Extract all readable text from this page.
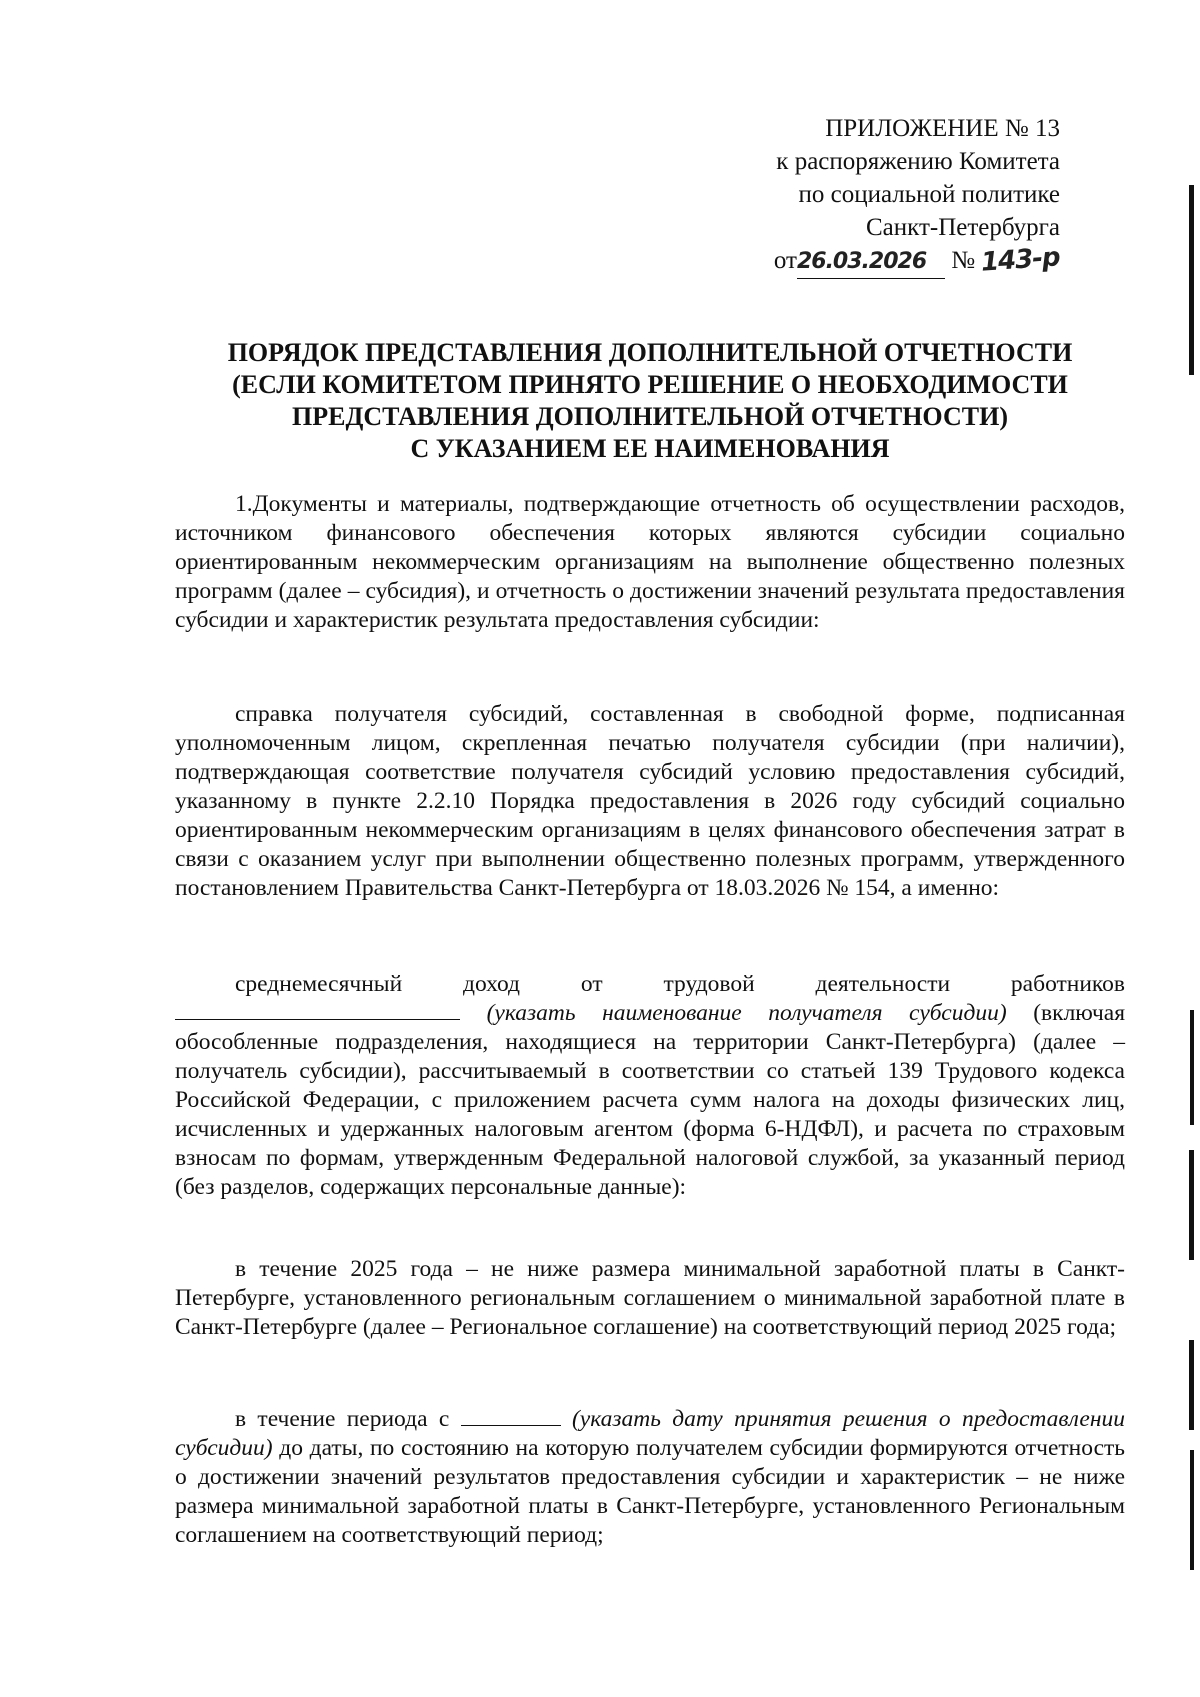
ПРИЛОЖЕНИЕ № 13
к распоряжению Комитета
по социальной политике
Санкт-Петербурга
от26.03.2026 № 143-р
ПОРЯДОК ПРЕДСТАВЛЕНИЯ ДОПОЛНИТЕЛЬНОЙ ОТЧЕТНОСТИ
(ЕСЛИ КОМИТЕТОМ ПРИНЯТО РЕШЕНИЕ О НЕОБХОДИМОСТИ
ПРЕДСТАВЛЕНИЯ ДОПОЛНИТЕЛЬНОЙ ОТЧЕТНОСТИ)
С УКАЗАНИЕМ ЕЕ НАИМЕНОВАНИЯ

1.Документы и материалы, подтверждающие отчетность об осуществлении расходов, источником финансового обеспечения которых являются субсидии социально ориентированным некоммерческим организациям на выполнение общественно полезных программ (далее – субсидия), и отчетность о достижении значений результата предоставления субсидии и характеристик результата предоставления субсидии:

справка получателя субсидий, составленная в свободной форме, подписанная уполномоченным лицом, скрепленная печатью получателя субсидии (при наличии), подтверждающая соответствие получателя субсидий условию предоставления субсидий, указанному в пункте 2.2.10 Порядка предоставления в 2026 году субсидий социально ориентированным некоммерческим организациям в целях финансового обеспечения затрат в связи с оказанием услуг при выполнении общественно полезных программ, утвержденного постановлением Правительства Санкт-Петербурга от 18.03.2026 № 154, а именно:

среднемесячный доход от трудовой деятельности работников
(указать наименование получателя субсидии) (включая обособленные подразделения, находящиеся на территории Санкт-Петербурга) (далее – получатель субсидии), рассчитываемый в соответствии со статьей 139 Трудового кодекса Российской Федерации, с приложением расчета сумм налога на доходы физических лиц, исчисленных и удержанных налоговым агентом (форма 6-НДФЛ), и расчета по страховым взносам по формам, утвержденным Федеральной налоговой службой, за указанный период (без разделов, содержащих персональные данные):

в течение 2025 года – не ниже размера минимальной заработной платы в Санкт-Петербурге, установленного региональным соглашением о минимальной заработной плате в Санкт-Петербурге (далее – Региональное соглашение) на соответствующий период 2025 года;

в течение периода с	(указать дату принятия решения о предоставлении субсидии) до даты, по состоянию на которую получателем субсидии формируются отчетность о достижении значений результатов предоставления субсидии и характеристик – не ниже размера минимальной заработной платы в Санкт-Петербурге, установленного Региональным соглашением на соответствующий период;
